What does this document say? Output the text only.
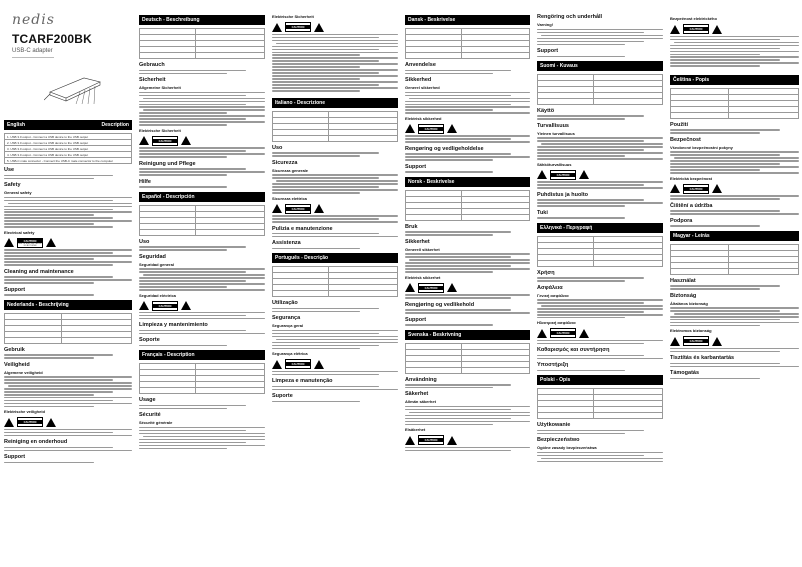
nedis
TCARF200BK
USB-C adapter
English	Description
1. USB 3.0 output - Connect a USB device to the USB output
2. USB 3.0 output - Connect a USB device to the USB output
3. USB 3.0 output - Connect a USB device to the USB output
4. USB 3.0 output - Connect a USB device to the USB output
5. USB-C male connector - Connect the USB-C male connector to the computer
Use
Safety
General safety
Electrical safety
CAUTION
RISK OF ELECTRIC SHOCK DO NOT OPEN
Cleaning and maintenance
Support
Nederlands - Beschrijving

Gebruik
Veiligheid
Algemene veiligheid
Elektrische veiligheid
CAUTION
Reiniging en onderhoud
Support
Deutsch - Beschreibung

Gebrauch
Sicherheit
Allgemeine Sicherheit
Elektrische Sicherheit
CAUTION
Reinigung und Pflege
Hilfe
Español - Descripción

Uso
Seguridad
Seguridad general
Seguridad eléctrica
CAUTION
Limpieza y mantenimiento
Soporte
Français - Description

Usage
Sécurité
Sécurité générale
Elektrische Sicherheit
CAUTION
Italiano - Descrizione

Uso
Sicurezza
Sicurezza generale
Sicurezza elettrica
CAUTION
Pulizia e manutenzione
Assistenza
Português - Descrição

Utilização
Segurança
Segurança geral
Segurança elétrica
CAUTION
Limpeza e manutenção
Suporte
Dansk - Beskrivelse

Anvendelse
Sikkerhed
Generel sikkerhed
Elektrisk sikkerhed
CAUTION
Rengøring og vedligeholdelse
Support
Norsk - Beskrivelse

Bruk
Sikkerhet
Generell sikkerhet
Elektrisk sikkerhet
CAUTION
Rengjøring og vedlikehold
Support
Svenska - Beskrivning

Användning
Säkerhet
Allmän säkerhet
Elsäkerhet
CAUTION
Rengöring och underhåll
Varning!
Support
Suomi - Kuvaus

Käyttö
Turvallisuus
Yleinen turvallisuus
Sähköturvallisuus
CAUTION
Puhdistus ja huolto
Tuki
Ελληνικά - Περιγραφή

Χρήση
Ασφάλεια
Γενική ασφάλεια
Ηλεκτρική ασφάλεια
CAUTION
Καθαρισμός και συντήρηση
Υποστήριξη
Polski - Opis

Użytkowanie
Bezpieczeństwo
Ogólne zasady bezpieczeństwa
Bezpečnost elektrického
CAUTION
Čeština - Popis

Použití
Bezpečnost
Všeobecné bezpečnostní pokyny
Elektrická bezpečnost
CAUTION
Čištění a údržba
Podpora
Magyar - Leírás

Használat
Biztonság
Általános biztonság
Elektromos biztonság
CAUTION
Tisztítás és karbantartás
Támogatás
